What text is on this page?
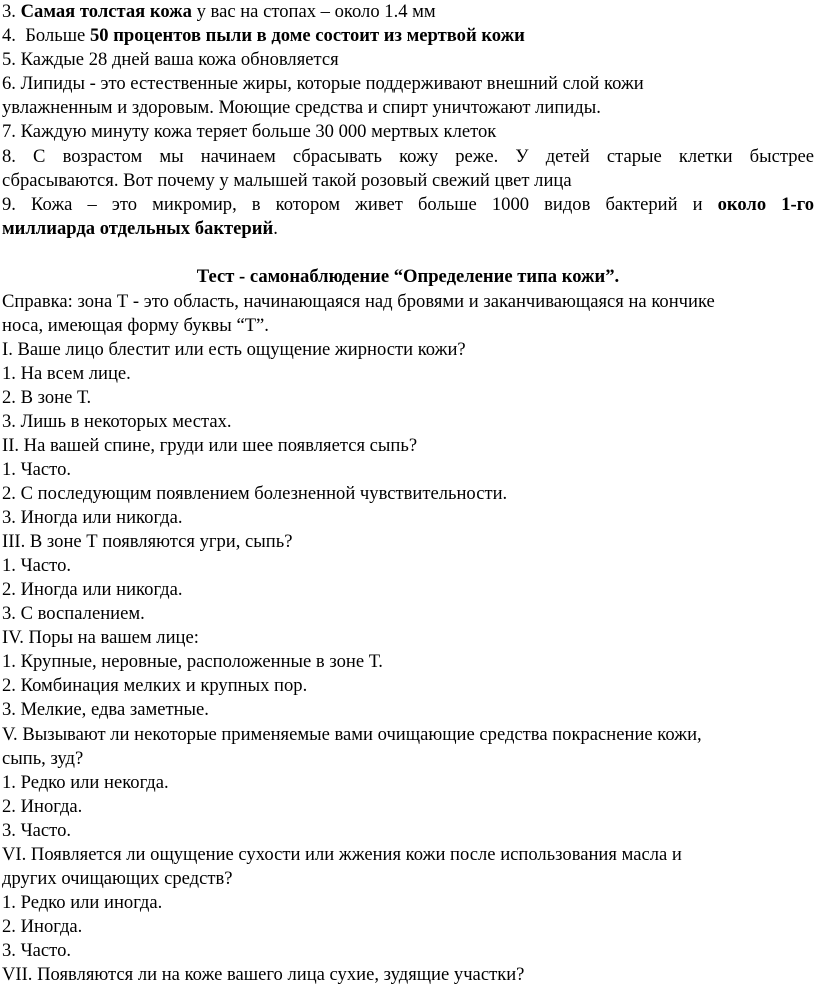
3. Самая толстая кожа у вас на стопах – около 1.4 мм
4.  Больше 50 процентов пыли в доме состоит из мертвой кожи
5. Каждые 28 дней ваша кожа обновляется
6. Липиды - это естественные жиры, которые поддерживают внешний слой кожи
увлажненным и здоровым. Моющие средства и спирт уничтожают липиды.
7. Каждую минуту кожа теряет больше 30 000 мертвых клеток
8. С возрастом мы начинаем сбрасывать кожу реже. У детей старые клетки быстрее
сбрасываются. Вот почему у малышей такой розовый свежий цвет лица
9. Кожа – это микромир, в котором живет больше 1000 видов бактерий и около 1-го
миллиарда отдельных бактерий.
Тест - самонаблюдение “Определение типа кожи”.
Справка: зона Т - это область, начинающаяся над бровями и заканчивающаяся на кончике
носа, имеющая форму буквы “Т”.
I. Ваше лицо блестит или есть ощущение жирности кожи?
1. На всем лице.
2. В зоне Т.
3. Лишь в некоторых местах.
II. На вашей спине, груди или шее появляется сыпь?
1. Часто.
2. С последующим появлением болезненной чувствительности.
3. Иногда или никогда.
III. В зоне Т появляются угри, сыпь?
1. Часто.
2. Иногда или никогда.
3. С воспалением.
IV. Поры на вашем лице:
1. Крупные, неровные, расположенные в зоне Т.
2. Комбинация мелких и крупных пор.
3. Мелкие, едва заметные.
V. Вызывают ли некоторые применяемые вами очищающие средства покраснение кожи,
сыпь, зуд?
1. Редко или некогда.
2. Иногда.
3. Часто.
VI. Появляется ли ощущение сухости или жжения кожи после использования масла и
других очищающих средств?
1. Редко или иногда.
2. Иногда.
3. Часто.
VII. Появляются ли на коже вашего лица сухие, зудящие участки?
